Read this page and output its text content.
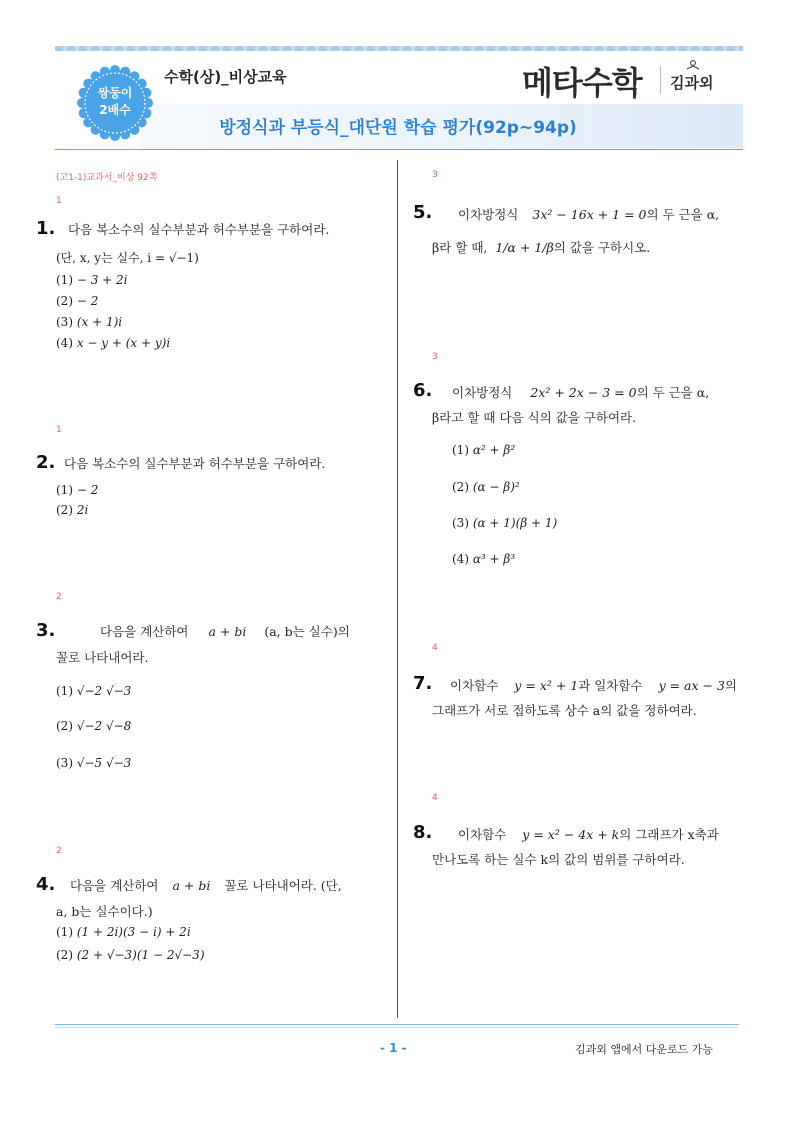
쌍둥이
2배수
수학(상)_비상교육
방정식과 부등식_대단원 학습 평가(92p~94p)
메타수학 김과외
(고1-1)교과서_비상 92쪽
1
1. 다음 복소수의 실수부분과 허수부분을 구하여라.
(단, x, y는 실수, i = √−1)
(1) − 3 + 2i
(2) − 2
(3) (x + 1)i
(4) x − y + (x + y)i
1
2. 다음 복소수의 실수부분과 허수부분을 구하여라.
(1) − 2
(2) 2i
2
3.	다음을 계산하여 a + bi (a, b는 실수)의
꼴로 나타내어라.
(1) √−2 √−3
(2) √−2 √−8
(3) √−5 √−3
2
4. 다음을 계산하여 a + bi 꼴로 나타내어라. (단,
a, b는 실수이다.)
(1) (1 + 2i)(3 − i) + 2i
(2) (2 + √−3)(1 − 2√−3)
3
5. 이차방정식 3x² − 16x + 1 = 0의 두 근을 α,
β라 할 때, 1/α + 1/β의 값을 구하시오.
3
6. 이차방정식 2x² + 2x − 3 = 0의 두 근을 α,
β라고 할 때 다음 식의 값을 구하여라.
(1) α² + β²
(2) (α − β)²
(3) (α + 1)(β + 1)
(4) α³ + β³
4
7. 이차함수 y = x² + 1과 일차함수 y = ax − 3의
그래프가 서로 접하도록 상수 a의 값을 정하여라.
4
8. 이차함수 y = x² − 4x + k의 그래프가 x축과
만나도록 하는 실수 k의 값의 범위를 구하여라.
- 1 -	김과외 앱에서 다운로드 가능
